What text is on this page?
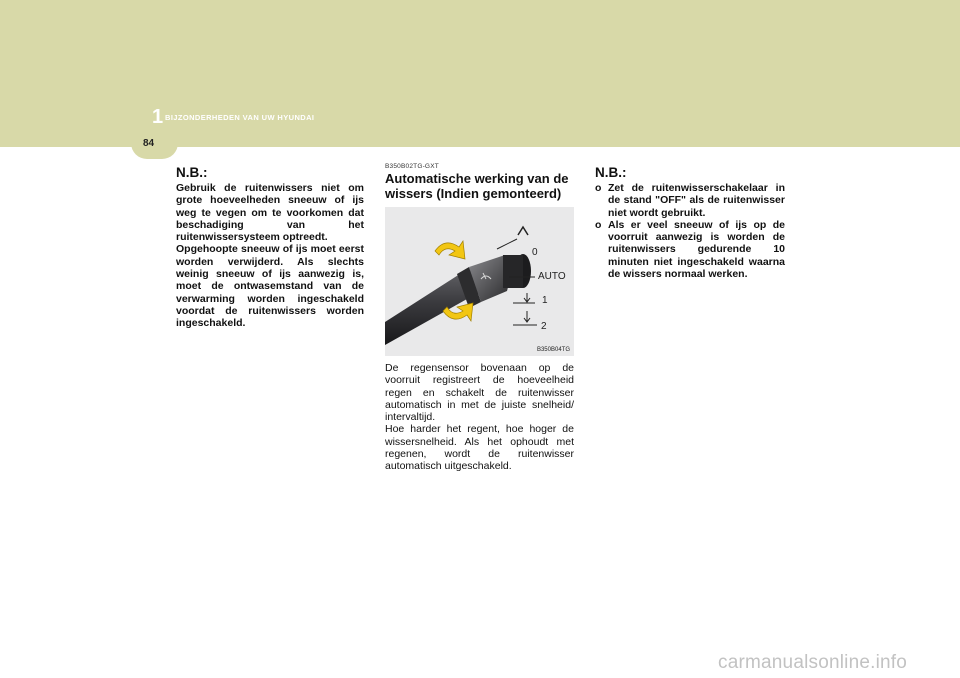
1 BIJZONDERHEDEN VAN UW HYUNDAI
84
N.B.:

Gebruik de ruitenwissers niet om grote hoeveelheden sneeuw of ijs weg te vegen om te voorkomen dat beschadiging van het ruitenwissersysteem optreedt.

Opgehoopte sneeuw of ijs moet eerst worden verwijderd. Als slechts weinig sneeuw of ijs aanwezig is, moet de ontwasemstand van de verwarming worden ingeschakeld voordat de ruitenwissers worden ingeschakeld.

B350B02TG-GXT
Automatische werking van de wissers (Indien gemonteerd)
0
AUTO
1
2
B350B04TG

De regensensor bovenaan op de voorruit registreert de hoeveelheid regen en schakelt de ruitenwisser automatisch in met de juiste snelheid/ intervaltijd.

Hoe harder het regent, hoe hoger de wissersnelheid. Als het ophoudt met regenen, wordt de ruitenwisser automatisch uitgeschakeld.

N.B.:
o Zet de ruitenwisserschakelaar in de stand "OFF" als de ruitenwisser niet wordt gebruikt.
o Als er veel sneeuw of ijs op de voorruit aanwezig is worden de ruitenwissers gedurende 10 minuten niet ingeschakeld waarna de wissers normaal werken.
carmanualsonline.info
